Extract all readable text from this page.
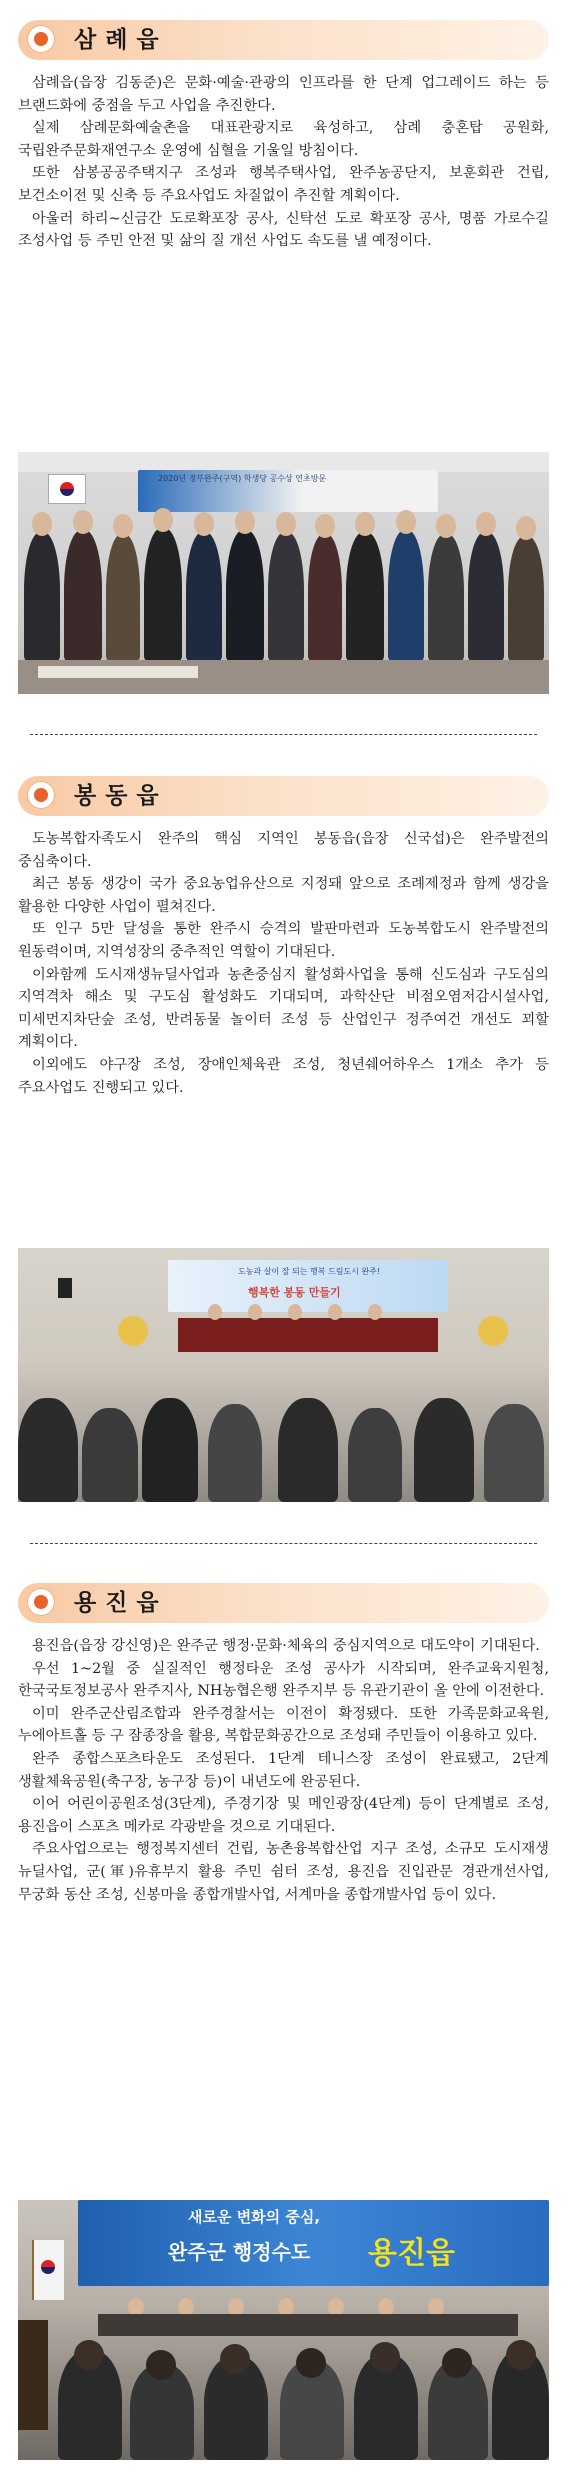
삼례읍

삼례읍(읍장 김동준)은 문화·예술·관광의 인프라를 한 단계 업그레이드 하는 등 브랜드화에 중점을 두고 사업을 추진한다.

실제 삼례문화예술촌을 대표관광지로 육성하고, 삼례 충혼탑 공원화, 국립완주문화재연구소 운영에 심혈을 기울일 방침이다.

또한 삼봉공공주택지구 조성과 행복주택사업, 완주농공단지, 보훈회관 건립, 보건소이전 및 신축 등 주요사업도 차질없이 추진할 계획이다.

아울러 하리~신금간 도로확포장 공사, 신탁선 도로 확포장 공사, 명품 가로수길 조성사업 등 주민 안전 및 삶의 질 개선 사업도 속도를 낼 예정이다.

2020년 정부완주(구역) 학생당 공수상 연초방문
봉동읍

도농복합자족도시 완주의 핵심 지역인 봉동읍(읍장 신국섭)은 완주발전의 중심축이다.

최근 봉동 생강이 국가 중요농업유산으로 지정돼 앞으로 조례제정과 함께 생강을 활용한 다양한 사업이 펼쳐진다.

또 인구 5만 달성을 통한 완주시 승격의 발판마련과 도농복합도시 완주발전의 원동력이며, 지역성장의 중추적인 역할이 기대된다.

이와함께 도시재생뉴딜사업과 농촌중심지 활성화사업을 통해 신도심과 구도심의 지역격차 해소 및 구도심 활성화도 기대되며, 과학산단 비점오염저감시설사업, 미세먼지차단숲 조성, 반려동물 놀이터 조성 등 산업인구 정주여건 개선도 꾀할 계획이다.

이외에도 야구장 조성, 장애인체육관 조성, 청년쉐어하우스 1개소 추가 등 주요사업도 진행되고 있다.

도농과 살이 잘 되는 행복 드림도시 완주!
행복한 봉동 만들기
용진읍

용진읍(읍장 강신영)은 완주군 행정·문화·체육의 중심지역으로 대도약이 기대된다.

우선 1~2월 중 실질적인 행정타운 조성 공사가 시작되며, 완주교육지원청, 한국국토정보공사 완주지사, NH농협은행 완주지부 등 유관기관이 올 안에 이전한다.

이미 완주군산림조합과 완주경찰서는 이전이 확정됐다. 또한 가족문화교육원, 누에아트홀 등 구 잠종장을 활용, 복합문화공간으로 조성돼 주민들이 이용하고 있다.

완주 종합스포츠타운도 조성된다. 1단계 테니스장 조성이 완료됐고, 2단계 생활체육공원(축구장, 농구장 등)이 내년도에 완공된다.

이어 어린이공원조성(3단계), 주경기장 및 메인광장(4단계) 등이 단계별로 조성, 용진읍이 스포츠 메카로 각광받을 것으로 기대된다.

주요사업으로는 행정복지센터 건립, 농촌융복합산업 지구 조성, 소규모 도시재생 뉴딜사업, 군(軍)유휴부지 활용 주민 쉼터 조성, 용진읍 진입관문 경관개선사업, 무궁화 동산 조성, 신봉마을 종합개발사업, 서계마을 종합개발사업 등이 있다.

새로운 변화의 중심,
완주군 행정수도 용진읍
